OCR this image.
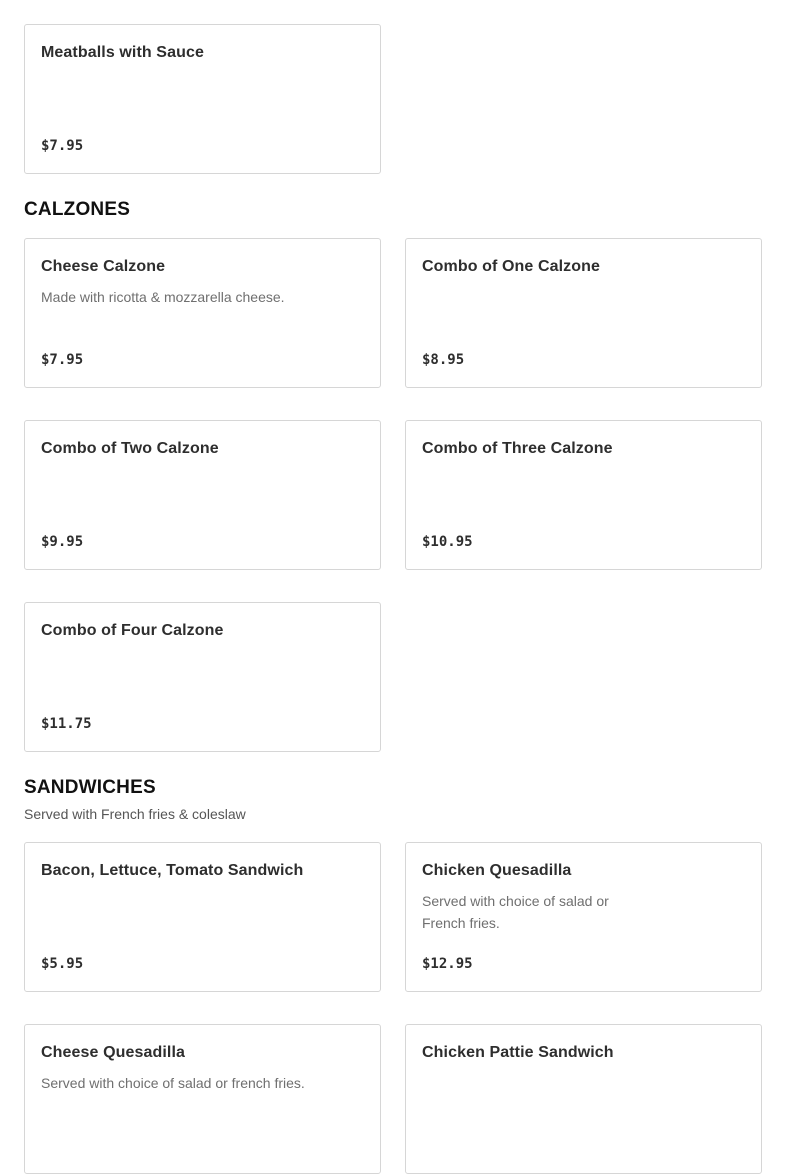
Meatballs with Sauce
$7.95
CALZONES
Cheese Calzone
Made with ricotta & mozzarella cheese.
$7.95
Combo of One Calzone
$8.95
Combo of Two Calzone
$9.95
Combo of Three Calzone
$10.95
Combo of Four Calzone
$11.75
SANDWICHES
Served with French fries & coleslaw
Bacon, Lettuce, Tomato Sandwich
$5.95
Chicken Quesadilla
Served with choice of salad or French fries.
$12.95
Cheese Quesadilla
Served with choice of salad or french fries.
Chicken Pattie Sandwich
